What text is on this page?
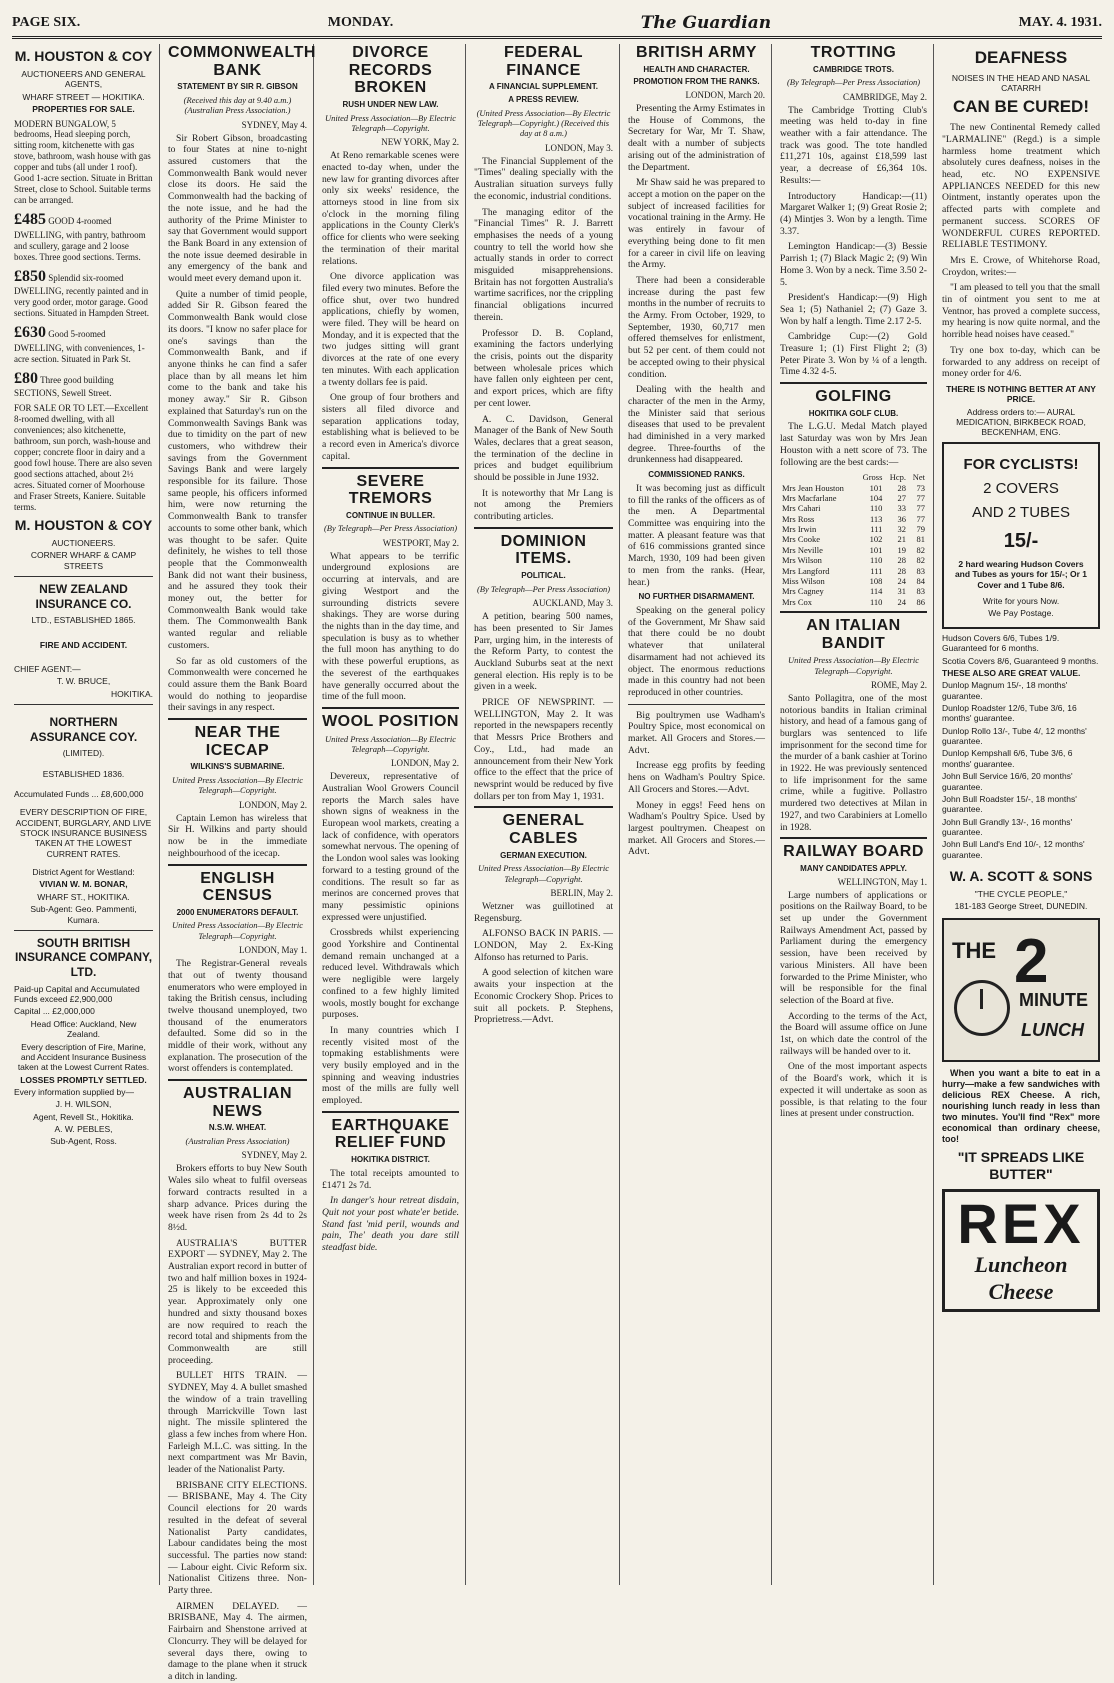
PAGE SIX.	MONDAY.	The Guardian	MAY. 4. 1931.
M. HOUSTON & COY
AUCTIONEERS AND GENERAL AGENTS,
WHARF STREET — HOKITIKA.
PROPERTIES FOR SALE.
MODERN BUNGALOW, 5 bedrooms, Head sleeping porch, sitting room, kitchenette with gas stove, bathroom, wash house with gas copper and tubs (all under 1 roof). Good 1-acre section. Situate in Brittan Street, close to School. Suitable terms can be arranged.
£485 GOOD 4-roomed DWELLING, with pantry, bathroom and scullery, garage and 2 loose boxes. Three good sections. Terms.
£850 Splendid six-roomed DWELLING, recently painted and in very good order, motor garage. Good sections. Situated in Hampden Street.
£630 Good 5-roomed DWELLING, with conveniences, 1-acre section. Situated in Park St.
£80 Three good building SECTIONS, Sewell Street.
FOR SALE OR TO LET.—Excellent 8-roomed dwelling, with all conveniences; also kitchenette, bathroom, sun porch, wash-house and copper; concrete floor in dairy and a good fowl house. There are also seven good sections attached, about 2½ acres. Situated corner of Moorhouse and Fraser Streets, Kaniere. Suitable terms.
M. HOUSTON & COY
AUCTIONEERS.
CORNER WHARF & CAMP STREETS
NEW ZEALAND INSURANCE CO.
LTD., ESTABLISHED 1865.
FIRE AND ACCIDENT.
CHIEF AGENT:—
T. W. BRUCE,
HOKITIKA.
NORTHERN ASSURANCE COY.
(LIMITED).
ESTABLISHED 1836.
Accumulated Funds ... £8,600,000
EVERY DESCRIPTION OF FIRE, ACCIDENT, BURGLARY, AND LIVE STOCK INSURANCE BUSINESS TAKEN AT THE LOWEST CURRENT RATES.
District Agent for Westland:
VIVIAN W. M. BONAR,
WHARF ST., HOKITIKA.
Sub-Agent: Geo. Pammenti, Kumara.
SOUTH BRITISH INSURANCE COMPANY, LTD.
Paid-up Capital and Accumulated Funds exceed £2,900,000
Capital ... £2,000,000
Head Office: Auckland, New Zealand.
Every description of Fire, Marine, and Accident Insurance Business taken at the Lowest Current Rates.
LOSSES PROMPTLY SETTLED.
Every information supplied by—
J. H. WILSON,
Agent, Revell St., Hokitika.
A. W. PEBLES,
Sub-Agent, Ross.
COMMONWEALTH BANK
STATEMENT BY SIR R. GIBSON
(Received this day at 9.40 a.m.) (Australian Press Association.)
SYDNEY, May 4.

Sir Robert Gibson, broadcasting to four States at nine to-night assured customers that the Commonwealth Bank would never close its doors. He said the Commonwealth had the backing of the note issue, and he had the authority of the Prime Minister to say that Government would support the Bank Board in any extension of the note issue deemed desirable in any emergency of the bank and would meet every demand upon it.

Quite a number of timid people, added Sir R. Gibson feared the Commonwealth Bank would close its doors. "I know no safer place for one's savings than the Commonwealth Bank, and if anyone thinks he can find a safer place than by all means let him come to the bank and take his money away." Sir R. Gibson explained that Saturday's run on the Commonwealth Savings Bank was due to timidity on the part of new customers, who withdrew their savings from the Government Savings Bank and were largely responsible for its failure. Those same people, his officers informed him, were now returning the Commonwealth Bank to transfer accounts to some other bank, which was thought to be safer. Quite definitely, he wishes to tell those people that the Commonwealth Bank did not want their business, and he assured they took their money out, the better for Commonwealth Bank would take them. The Commonwealth Bank wanted regular and reliable customers.

So far as old customers of the Commonwealth were concerned he could assure them the Bank Board would do nothing to jeopardise their savings in any respect.

NEAR THE ICECAP
WILKINS'S SUBMARINE.
United Press Association—By Electric Telegraph—Copyright.
LONDON, May 2.

Captain Lemon has wireless that Sir H. Wilkins and party should now be in the immediate neighbourhood of the icecap.

ENGLISH CENSUS
2000 ENUMERATORS DEFAULT.
United Press Association—By Electric Telegraph—Copyright.
LONDON, May 1.

The Registrar-General reveals that out of twenty thousand enumerators who were employed in taking the British census, including twelve thousand unemployed, two thousand of the enumerators defaulted. Some did so in the middle of their work, without any explanation. The prosecution of the worst offenders is contemplated.

AUSTRALIAN NEWS
N.S.W. WHEAT.
(Australian Press Association)
SYDNEY, May 2.

Brokers efforts to buy New South Wales silo wheat to fulfil overseas forward contracts resulted in a sharp advance. Prices during the week have risen from 2s 4d to 2s 8½d.

AUSTRALIA'S BUTTER EXPORT — SYDNEY, May 2. The Australian export record in butter of two and half million boxes in 1924-25 is likely to be exceeded this year. Approximately only one hundred and sixty thousand boxes are now required to reach the record total and shipments from the Commonwealth are still proceeding.

BULLET HITS TRAIN. — SYDNEY, May 4. A bullet smashed the window of a train travelling through Marrickville Town last night. The missile splintered the glass a few inches from where Hon. Farleigh M.L.C. was sitting. In the next compartment was Mr Bavin, leader of the Nationalist Party.

BRISBANE CITY ELECTIONS. — BRISBANE, May 4. The City Council elections for 20 wards resulted in the defeat of several Nationalist Party candidates, Labour candidates being the most successful. The parties now stand:— Labour eight. Civic Reform six. Nationalist Citizens three. Non-Party three.

AIRMEN DELAYED. — BRISBANE, May 4. The airmen, Fairbairn and Shenstone arrived at Cloncurry. They will be delayed for several days there, owing to damage to the plane when it struck a ditch in landing.

DIVORCE RECORDS BROKEN
RUSH UNDER NEW LAW.
United Press Association—By Electric Telegraph—Copyright.
NEW YORK, May 2.

At Reno remarkable scenes were enacted to-day when, under the new law for granting divorces after only six weeks' residence, the attorneys stood in line from six o'clock in the morning filing applications in the County Clerk's office for clients who were seeking the termination of their marital relations.

One divorce application was filed every two minutes. Before the office shut, over two hundred applications, chiefly by women, were filed. They will be heard on Monday, and it is expected that the two judges sitting will grant divorces at the rate of one every ten minutes. With each application a twenty dollars fee is paid.

One group of four brothers and sisters all filed divorce and separation applications today, establishing what is believed to be a record even in America's divorce capital.

SEVERE TREMORS
CONTINUE IN BULLER.
(By Telegraph—Per Press Association)
WESTPORT, May 2.

What appears to be terrific underground explosions are occurring at intervals, and are giving Westport and the surrounding districts severe shakings. They are worse during the nights than in the day time, and speculation is busy as to whether the full moon has anything to do with these powerful eruptions, as the severest of the earthquakes have generally occurred about the time of the full moon.

WOOL POSITION
United Press Association—By Electric Telegraph—Copyright.
LONDON, May 2.

Devereux, representative of Australian Wool Growers Council reports the March sales have shown signs of weakness in the European wool markets, creating a lack of confidence, with operators somewhat nervous. The opening of the London wool sales was looking forward to a testing ground of the conditions. The result so far as merinos are concerned proves that many pessimistic opinions expressed were unjustified.

Crossbreds whilst experiencing good Yorkshire and Continental demand remain unchanged at a reduced level. Withdrawals which were negligible were largely confined to a few highly limited wools, mostly bought for exchange purposes.

In many countries which I recently visited most of the topmaking establishments were very busily employed and in the spinning and weaving industries most of the mills are fully well employed.

EARTHQUAKE RELIEF FUND
HOKITIKA DISTRICT.

The total receipts amounted to £1471 2s 7d.

In danger's hour retreat disdain, Quit not your post whate'er betide. Stand fast 'mid peril, wounds and pain, The' death you dare still steadfast bide.

FEDERAL FINANCE
A FINANCIAL SUPPLEMENT.
A PRESS REVIEW.
(United Press Association—By Electric Telegraph—Copyright.) (Received this day at 8 a.m.)
LONDON, May 3.

The Financial Supplement of the "Times" dealing specially with the Australian situation surveys fully the economic, industrial conditions.

The managing editor of the "Financial Times" R. J. Barrett emphasises the needs of a young country to tell the world how she actually stands in order to correct misguided misapprehensions. Britain has not forgotten Australia's wartime sacrifices, nor the crippling financial obligations incurred therein.

Professor D. B. Copland, examining the factors underlying the crisis, points out the disparity between wholesale prices which have fallen only eighteen per cent, and export prices, which are fifty per cent lower.

A. C. Davidson, General Manager of the Bank of New South Wales, declares that a great season, the termination of the decline in prices and budget equilibrium should be possible in June 1932.

It is noteworthy that Mr Lang is not among the Premiers contributing articles.

DOMINION ITEMS.
POLITICAL.
(By Telegraph—Per Press Association)
AUCKLAND, May 3.

A petition, bearing 500 names, has been presented to Sir James Parr, urging him, in the interests of the Reform Party, to contest the Auckland Suburbs seat at the next general election. His reply is to be given in a week.

PRICE OF NEWSPRINT. — WELLINGTON, May 2. It was reported in the newspapers recently that Messrs Price Brothers and Coy., Ltd., had made an announcement from their New York office to the effect that the price of newsprint would be reduced by five dollars per ton from May 1, 1931.

GENERAL CABLES
GERMAN EXECUTION.
United Press Association—By Electric Telegraph—Copyright.
BERLIN, May 2.

Wetzner was guillotined at Regensburg.

ALFONSO BACK IN PARIS. — LONDON, May 2. Ex-King Alfonso has returned to Paris.

A good selection of kitchen ware awaits your inspection at the Economic Crockery Shop. Prices to suit all pockets. P. Stephens, Proprietress.—Advt.

BRITISH ARMY
HEALTH AND CHARACTER.
PROMOTION FROM THE RANKS.
LONDON, March 20.

Presenting the Army Estimates in the House of Commons, the Secretary for War, Mr T. Shaw, dealt with a number of subjects arising out of the administration of the Department.

Mr Shaw said he was prepared to accept a motion on the paper on the subject of increased facilities for vocational training in the Army. He was entirely in favour of everything being done to fit men for a career in civil life on leaving the Army.

There had been a considerable increase during the past few months in the number of recruits to the Army. From October, 1929, to September, 1930, 60,717 men offered themselves for enlistment, but 52 per cent. of them could not be accepted owing to their physical condition.

Dealing with the health and character of the men in the Army, the Minister said that serious diseases that used to be prevalent had diminished in a very marked degree. Three-fourths of the drunkenness had disappeared.

COMMISSIONED RANKS.

It was becoming just as difficult to fill the ranks of the officers as of the men. A Departmental Committee was enquiring into the matter. A pleasant feature was that of 616 commissions granted since March, 1930, 109 had been given to men from the ranks. (Hear, hear.)

NO FURTHER DISARMAMENT.

Speaking on the general policy of the Government, Mr Shaw said that there could be no doubt whatever that unilateral disarmament had not achieved its object. The enormous reductions made in this country had not been reproduced in other countries.

Big poultrymen use Wadham's Poultry Spice, most economical on market. All Grocers and Stores.—Advt.

Increase egg profits by feeding hens on Wadham's Poultry Spice. All Grocers and Stores.—Advt.

Money in eggs! Feed hens on Wadham's Poultry Spice. Used by largest poultrymen. Cheapest on market. All Grocers and Stores.—Advt.

TROTTING
CAMBRIDGE TROTS.
(By Telegraph—Per Press Association)
CAMBRIDGE, May 2.

The Cambridge Trotting Club's meeting was held to-day in fine weather with a fair attendance. The track was good. The tote handled £11,271 10s, against £18,599 last year, a decrease of £6,364 10s. Results:—

Introductory Handicap:—(11) Margaret Walker 1; (9) Great Rosie 2; (4) Mintjes 3. Won by a length. Time 3.37.

Lemington Handicap:—(3) Bessie Parrish 1; (7) Black Magic 2; (9) Win Home 3. Won by a neck. Time 3.50 2-5.

President's Handicap:—(9) High Sea 1; (5) Nathaniel 2; (7) Gaze 3. Won by half a length. Time 2.17 2-5.

Cambridge Cup:—(2) Gold Treasure 1; (1) First Flight 2; (3) Peter Pirate 3. Won by ¼ of a length. Time 4.32 4-5.

GOLFING
HOKITIKA GOLF CLUB.

The L.G.U. Medal Match played last Saturday was won by Mrs Jean Houston with a nett score of 73. The following are the best cards:—

	Gross	Hcp.	Net
Mrs Jean Houston	101	28	73
Mrs Macfarlane	104	27	77
Mrs Cahari	110	33	77
Mrs Ross	113	36	77
Mrs Irwin	111	32	79
Mrs Cooke	102	21	81
Mrs Neville	101	19	82
Mrs Wilson	110	28	82
Mrs Langford	111	28	83
Miss Wilson	108	24	84
Mrs Cagney	114	31	83
Mrs Cox	110	24	86
AN ITALIAN BANDIT
United Press Association—By Electric Telegraph—Copyright.
ROME, May 2.

Santo Pollagitra, one of the most notorious bandits in Italian criminal history, and head of a famous gang of burglars was sentenced to life imprisonment for the second time for the murder of a bank cashier at Torino in 1922. He was previously sentenced to life imprisonment for the same crime, while a fugitive. Pollastro murdered two detectives at Milan in 1927, and two Carabiniers at Lomello in 1928.

RAILWAY BOARD
MANY CANDIDATES APPLY.
WELLINGTON, May 1.

Large numbers of applications or positions on the Railway Board, to be set up under the Government Railways Amendment Act, passed by Parliament during the emergency session, have been received by various Ministers. All have been forwarded to the Prime Minister, who will be responsible for the final selection of the Board at five.

According to the terms of the Act, the Board will assume office on June 1st, on which date the control of the railways will be handed over to it.

One of the most important aspects of the Board's work, which it is expected it will undertake as soon as possible, is that relating to the four lines at present under construction.

DEAFNESS
NOISES IN THE HEAD AND NASAL CATARRH
CAN BE CURED!

The new Continental Remedy called "LARMALINE" (Regd.) is a simple harmless home treatment which absolutely cures deafness, noises in the head, etc. NO EXPENSIVE APPLIANCES NEEDED for this new Ointment, instantly operates upon the affected parts with complete and permanent success. SCORES OF WONDERFUL CURES REPORTED. RELIABLE TESTIMONY.

Mrs E. Crowe, of Whitehorse Road, Croydon, writes:—

"I am pleased to tell you that the small tin of ointment you sent to me at Ventnor, has proved a complete success, my hearing is now quite normal, and the horrible head noises have ceased."

Try one box to-day, which can be forwarded to any address on receipt of money order for 4/6.

THERE IS NOTHING BETTER AT ANY PRICE.
Address orders to:— AURAL MEDICATION, BIRKBECK ROAD, BECKENHAM, ENG.
FOR CYCLISTS!
2 COVERS
AND 2 TUBES
15/-
2 hard wearing Hudson Covers and Tubes as yours for 15/-; Or 1 Cover and 1 Tube 8/6.
Write for yours Now.
We Pay Postage.
Hudson Covers 6/6, Tubes 1/9. Guaranteed for 6 months.
Scotia Covers 8/6, Guaranteed 9 months.
THESE ALSO ARE GREAT VALUE.
Dunlop Magnum 15/-, 18 months' guarantee.
Dunlop Roadster 12/6, Tube 3/6, 16 months' guarantee.
Dunlop Rollo 13/-, Tube 4/, 12 months' guarantee.
Dunlop Kempshall 6/6, Tube 3/6, 6 months' guarantee.
John Bull Service 16/6, 20 months' guarantee.
John Bull Roadster 15/-, 18 months' guarantee.
John Bull Grandly 13/-, 16 months' guarantee.
John Bull Land's End 10/-, 12 months' guarantee.
W. A. SCOTT & SONS
"THE CYCLE PEOPLE,"
181-183 George Street, DUNEDIN.
THE 2
MINUTE
LUNCH

When you want a bite to eat in a hurry—make a few sandwiches with delicious REX Cheese. A rich, nourishing lunch ready in less than two minutes. You'll find "Rex" more economical than ordinary cheese, too!

"IT SPREADS LIKE BUTTER"
REX
Luncheon Cheese
